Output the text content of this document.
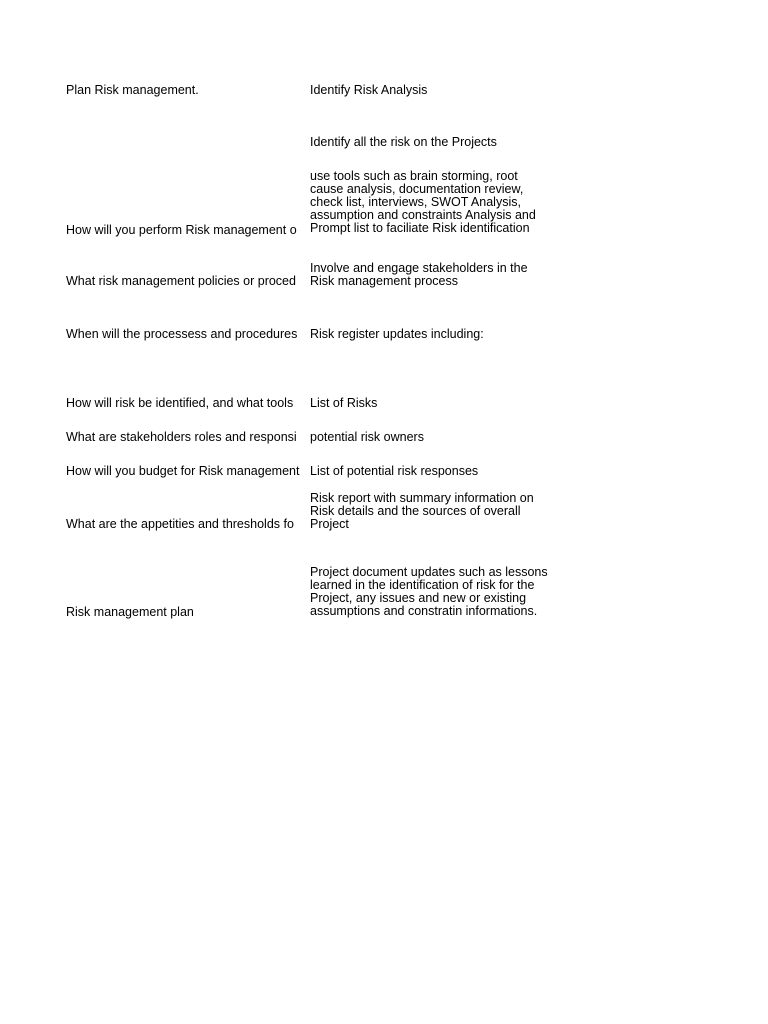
Plan Risk management.
How will you perform Risk management o
What risk management policies or proced
When will the processess and procedures
How will risk be identified, and what tools
What are stakeholders roles and responsi
How will you budget for Risk management
What are the appetities and thresholds fo
Risk management plan
Identify Risk Analysis
Identify all the risk on the Projects
use tools such as brain storming, root
cause analysis, documentation review,
check list, interviews, SWOT Analysis,
assumption and constraints Analysis and
Prompt list to faciliate Risk identification
Involve and engage stakeholders in the
Risk management process
Risk register updates including:
List of Risks
potential risk owners
List of potential risk responses
Risk report with summary information on
Risk details and the sources of overall
Project
Project document updates such as lessons
learned in the identification of risk for the
Project, any issues and new or existing
assumptions and constratin informations.
